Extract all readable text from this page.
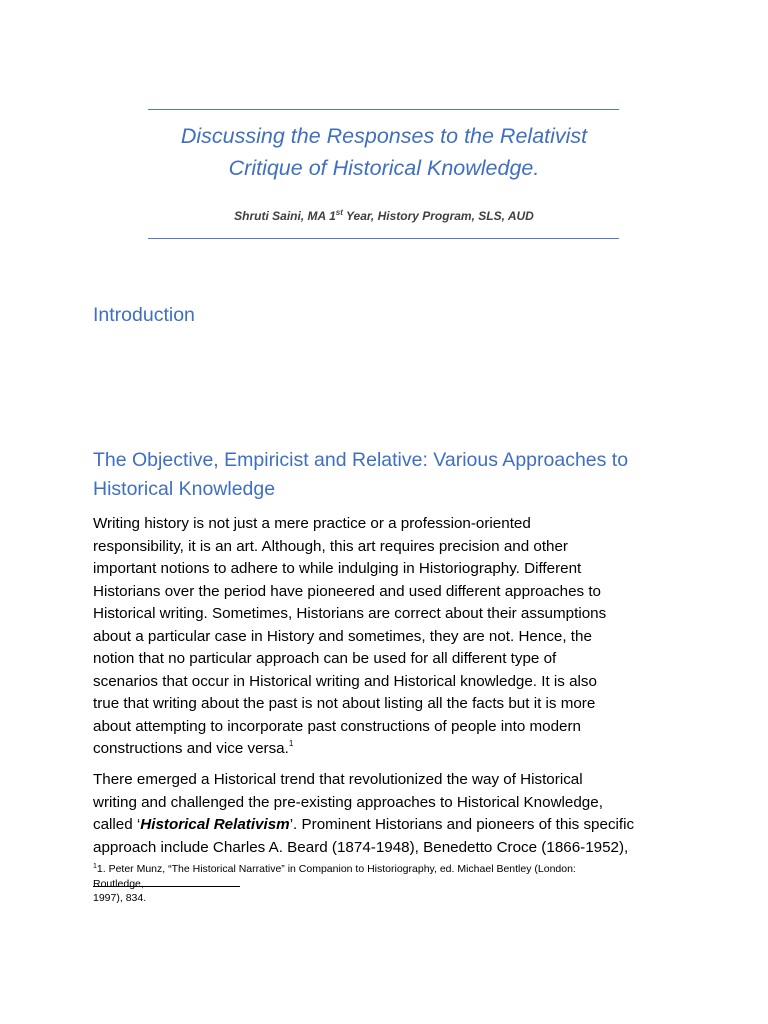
Discussing the Responses to the Relativist
Critique of Historical Knowledge.
Shruti Saini, MA 1st Year, History Program, SLS, AUD
Introduction
The Objective, Empiricist and Relative: Various Approaches to
Historical Knowledge

Writing history is not just a mere practice or a profession-oriented
responsibility, it is an art. Although, this art requires precision and other
important notions to adhere to while indulging in Historiography. Different
Historians over the period have pioneered and used different approaches to
Historical writing. Sometimes, Historians are correct about their assumptions
about a particular case in History and sometimes, they are not. Hence, the
notion that no particular approach can be used for all different type of
scenarios that occur in Historical writing and Historical knowledge. It is also
true that writing about the past is not about listing all the facts but it is more
about attempting to incorporate past constructions of people into modern
constructions and vice versa.$^1$

There emerged a Historical trend that revolutionized the way of Historical
writing and challenged the pre-existing approaches to Historical Knowledge,
called ‘Historical Relativism’. Prominent Historians and pioneers of this specific
approach include Charles A. Beard (1874-1948), Benedetto Croce (1866-1952),

$^1$1. Peter Munz, “The Historical Narrative” in Companion to Historiography, ed. Michael Bentley (London:
Routledge,
1997), 834.
